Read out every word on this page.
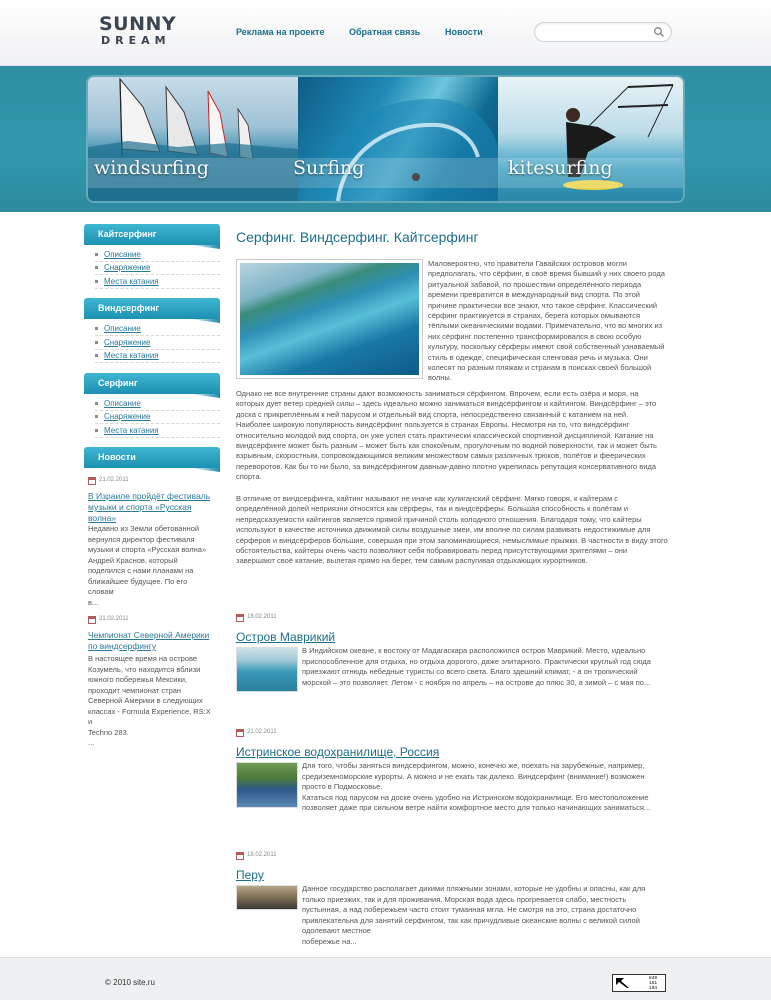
SUNNY
DREAM
Реклама на проекте	Обратная связь	Новости
windsurfing	Surfing	kitesurfing
Кайтсерфинг
Описание
Снаряжение
Места катания
Виндсерфинг
Описание
Снаряжение
Места катания
Серфинг
Описание
Снаряжение
Места катания
Новости
21.02.2011
В Израиле пройдёт фестиваль музыки и спорта «Русская волна»
Недавно из Земли обетованной
вернулся директор фестиваля
музыки и спорта «Русская волна»
Андрей Краснов, который
поделился с нами планами на
ближайшее будущее. По его словам
в...
21.02.2011
Чемпионат Северной Америки по виндсерфингу
В настоящее время на острове
Козумель, что находится вблизи
южного побережья Мексики,
проходит чемпионат стран
Северной Америки в следующих
классах - Formula Experience, RS:X и
Techno 283.
...
Серфинг. Виндсерфинг. Кайтсерфинг
Маловероятно, что правители Гавайских островов могли
предполагать, что сёрфинг, в своё время бывший у них своего рода
ритуальной забавой, по прошествии определённого периода
времени превратится в международный вид спорта. По этой
причине практически все знают, что такое сёрфинг. Классический
сёрфинг практикуется в странах, берега которых омываются
тёплыми океаническими водами. Примечательно, что во многих из
них сёрфинг постепенно трансформировался в свою особую
культуру, поскольку сёрферы имеют свой собственный узнаваемый
стиль в одежде, специфическая сленговая речь и музыка. Они
колесят по разным пляжам и странам в поисках своей большой
волны.
Однако не все внутренние страны дают возможность заниматься сёрфингом. Впрочем, если есть озёра и моря, на
которых дует ветер средней силы – здесь идеально можно заниматься виндсёрфингом и кайтингом. Виндсёрфинг – это
доска с прикреплённым к ней парусом и отдельный вид спорта, непосредственно связанный с катанием на ней.
Наиболее широкую популярность виндсёрфинг пользуется в странах Европы. Несмотря на то, что виндсёрфинг
относительно молодой вид спорта, он уже успел стать практически классической спортивной дисциплиной. Катание на
виндсёрфинге может быть разным – может быть как спокойным, прогулочным по водной поверхности, так и может быть
взрывным, скоростным, сопровождающимся великим множеством самых различных трюков, полётов и феерических
переворотов. Как бы то ни было, за виндсёрфингом давным-давно плотно укрепилась репутация консервативного вида
спорта.
В отличие от виндсерфинга, кайтинг называют не иначе как хулиганский сёрфинг. Мягко говоря, к кайтерам с
определённой долей неприязни относятся как сёрферы, так и виндсёрферы. Большая способность к полётам и
непредсказуемости кайтингов является прямой причиной столь холодного отношения. Благодаря тому, что кайтеры
используют в качестве источника движимой силы воздушные змеи, им вполне по силам развивать недостижимые для
сёрферов и виндсёрферов большие, совершая при этом запоминающиеся, немыслимые прыжки. В частности в виду этого
обстоятельства, кайтеры очень часто позволяют себя побравировать перед присутствующими зрителями – они
завершают своё катание, вылетая прямо на берег, тем самым распугивая отдыхающих курортников.
18.02.2011
Остров Маврикий
В Индийском океане, к востоку от Мадагаскара расположился остров Маврикий. Место, идеально
приспособленное для отдыха, но отдыха дорогого, даже элитарного. Практически круглый год сюда
приезжают отнюдь небедные туристы со всего света. Благо здешний климат, - а он тропический
морской – это позволяет. Летом - с ноября по апрель – на острове до плюс 30, а зимой – с мая по...
21.02.2011
Истринское водохранилище, Россия
Для того, чтобы заняться виндсерфингом, можно, конечно же, поехать на зарубежные, например,
средиземноморские курорты. А можно и не ехать так далеко. Виндсерфинг (внимание!) возможен
просто в Подмосковье.
Кататься под парусом на доске очень удобно на Истринском водохранилище. Его местоположение
позволяет даже при сильном ветре найти комфортное место для только начинающих заниматься...
18.02.2011
Перу
Данное государство располагает дикими пляжными зонами, которые не удобны и опасны, как для
только приезжих, так и для проживания. Морская вода здесь прогревается слабо, местность
пустынная, а над побережьем часто стоит туманная мгла. Не смотря на это, страна достаточно
привлекательна для занятий серфингом, так как причудливые океанские волны с великой силой одолевают местное
побережье на...
© 2010 site.ru	849
151
104
